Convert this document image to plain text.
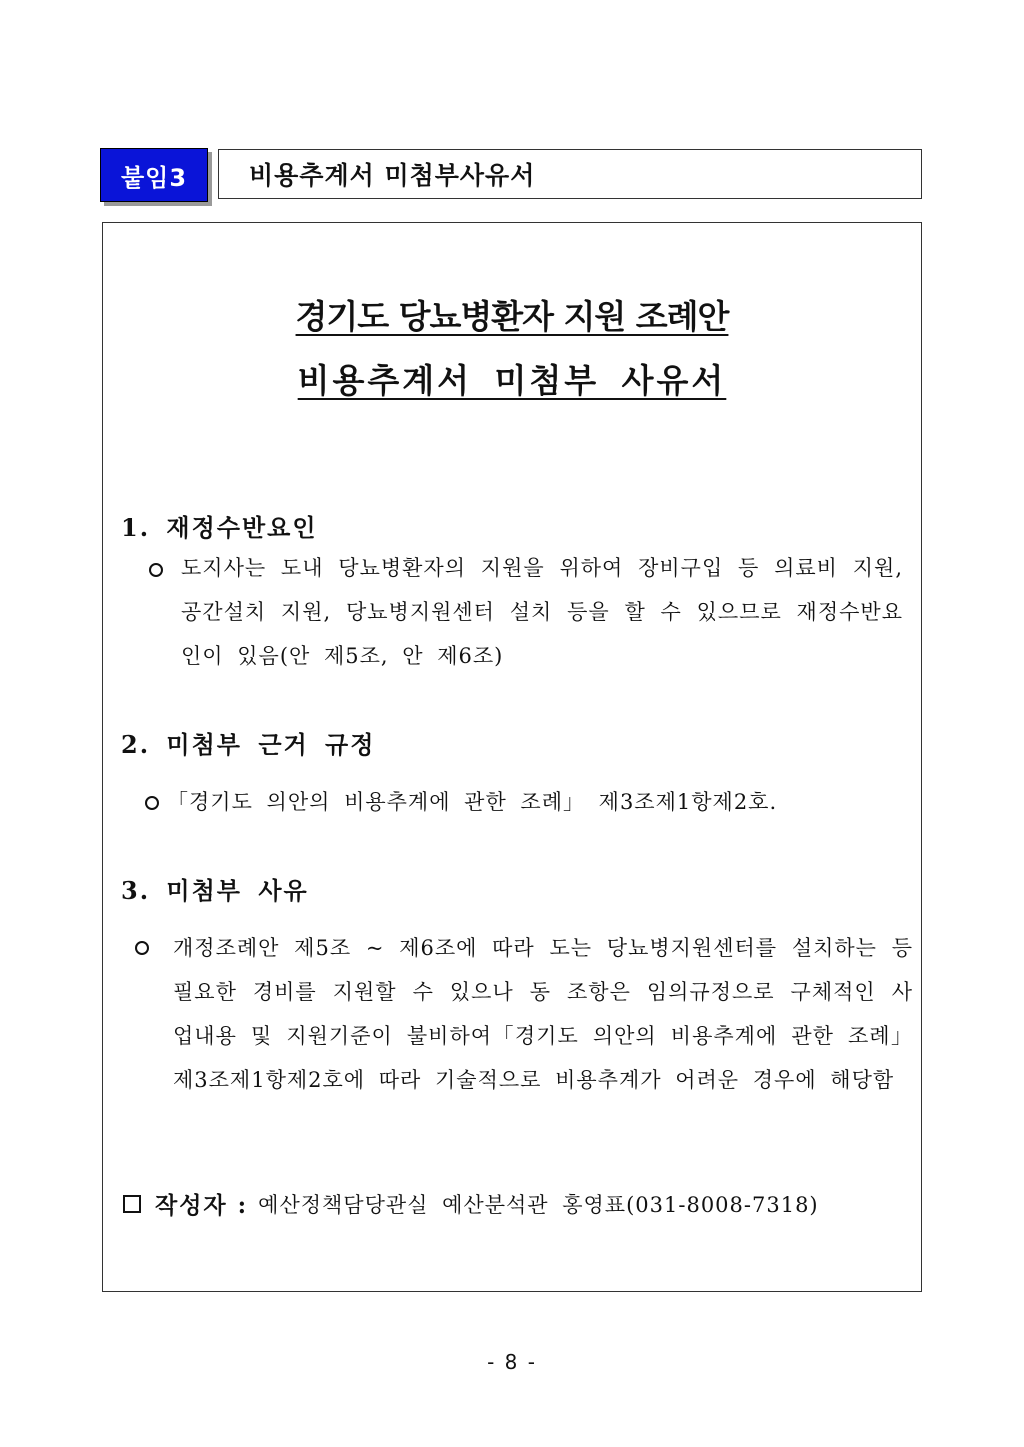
붙임3	비용추계서 미첨부사유서
경기도 당뇨병환자 지원 조례안
비용추계서 미첨부 사유서
1. 재정수반요인
도지사는 도내 당뇨병환자의 지원을 위하여 장비구입 등 의료비 지원, 공간설치 지원, 당뇨병지원센터 설치 등을 할 수 있으므로 재정수반요인이 있음(안 제5조, 안 제6조)
2. 미첨부 근거 규정
「경기도 의안의 비용추계에 관한 조례」 제3조제1항제2호.
3. 미첨부 사유
개정조례안 제5조 ~ 제6조에 따라 도는 당뇨병지원센터를 설치하는 등 필요한 경비를 지원할 수 있으나 동 조항은 임의규정으로 구체적인 사업내용 및 지원기준이 불비하여「경기도 의안의 비용추계에 관한 조례」제3조제1항제2호에 따라 기술적으로 비용추계가 어려운 경우에 해당함
작성자 : 예산정책담당관실 예산분석관 홍영표(031-8008-7318)
- 8 -
